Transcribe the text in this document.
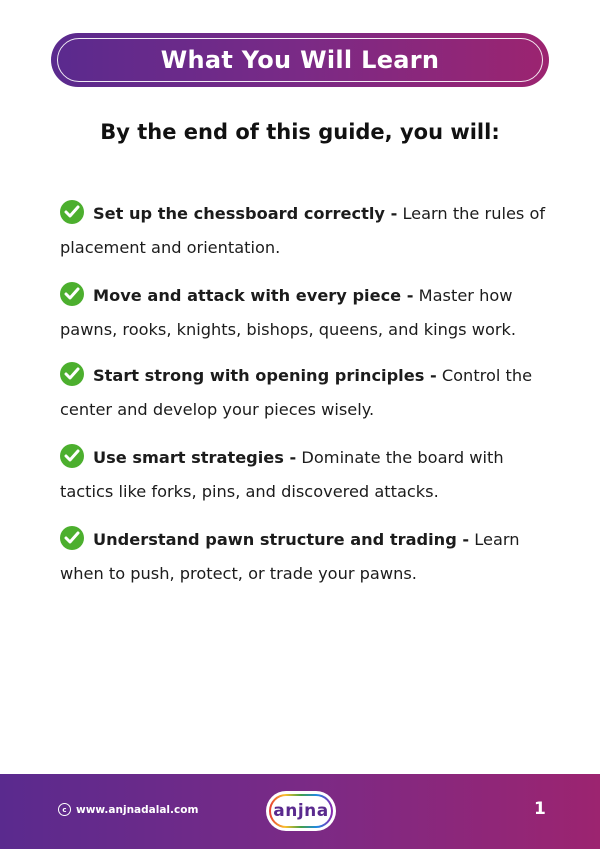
What You Will Learn
By the end of this guide, you will:
Set up the chessboard correctly - Learn the rules of placement and orientation.
Move and attack with every piece - Master how pawns, rooks, knights, bishops, queens, and kings work.
Start strong with opening principles - Control the center and develop your pieces wisely.
Use smart strategies - Dominate the board with tactics like forks, pins, and discovered attacks.
Understand pawn structure and trading - Learn when to push, protect, or trade your pawns.
c www.anjnadalal.com	anjna	1
